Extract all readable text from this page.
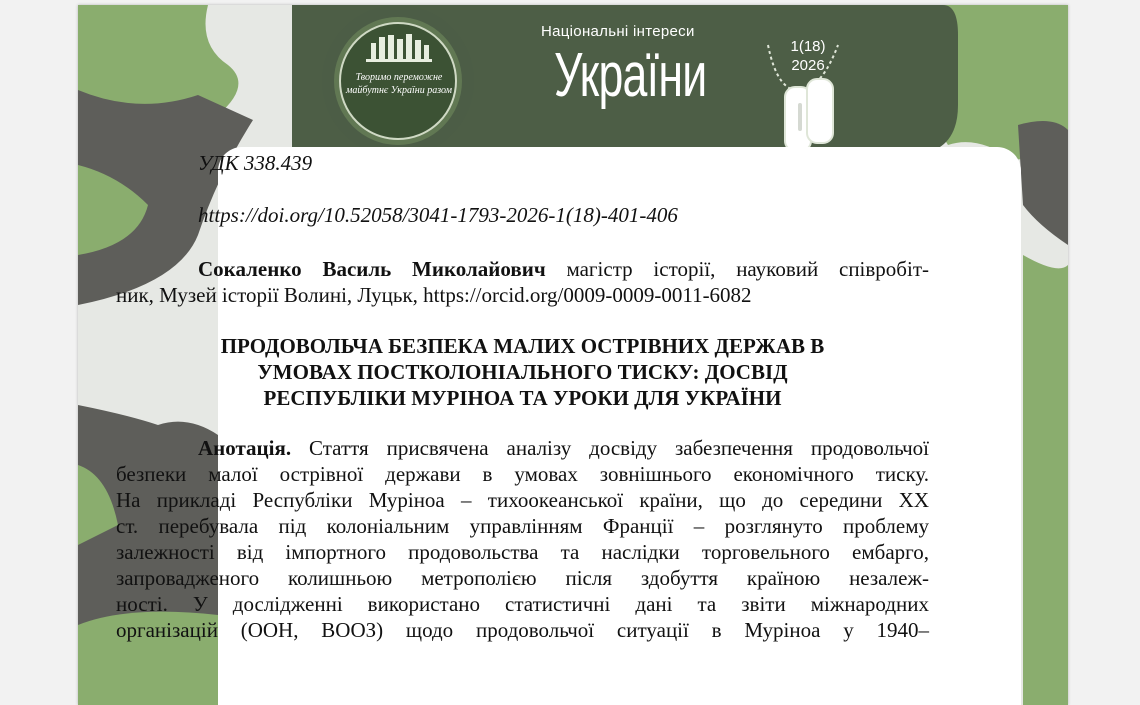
Творимо переможне майбутнє України разом
Національні інтереси
України	1(18)
2026
УДК 338.439
https://doi.org/10.52058/3041-1793-2026-1(18)-401-406
Сокаленко Василь Миколайович магістр історії, науковий співробіт-
ник, Музей історії Волині, Луцьк, https://orcid.org/0009-0009-0011-6082
ПРОДОВОЛЬЧА БЕЗПЕКА МАЛИХ ОСТРІВНИХ ДЕРЖАВ В
УМОВАХ ПОСТКОЛОНІАЛЬНОГО ТИСКУ: ДОСВІД
РЕСПУБЛІКИ МУРІНОА ТА УРОКИ ДЛЯ УКРАЇНИ
Анотація. Стаття присвячена аналізу досвіду забезпечення продовольчої
безпеки малої острівної держави в умовах зовнішнього економічного тиску.
На прикладі Республіки Муріноа – тихоокеанської країни, що до середини XX
ст. перебувала під колоніальним управлінням Франції – розглянуто проблему
залежності від імпортного продовольства та наслідки торговельного ембарго,
запровадженого колишньою метрополією після здобуття країною незалеж-
ності. У дослідженні використано статистичні дані та звіти міжнародних
організацій (ООН, ВООЗ) щодо продовольчої ситуації в Муріноа у 1940–
